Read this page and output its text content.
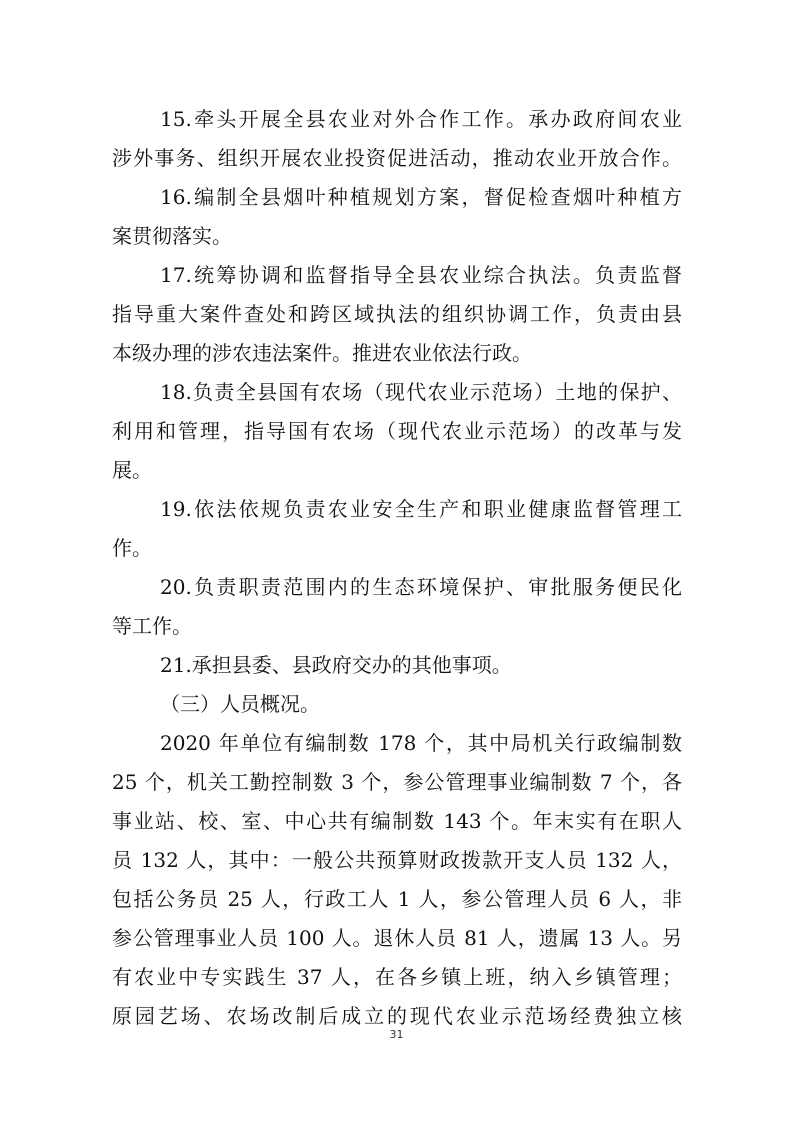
15.牵头开展全县农业对外合作工作。承办政府间农业
涉外事务、组织开展农业投资促进活动，推动农业开放合作。
16.编制全县烟叶种植规划方案，督促检查烟叶种植方
案贯彻落实。
17.统筹协调和监督指导全县农业综合执法。负责监督
指导重大案件查处和跨区域执法的组织协调工作，负责由县
本级办理的涉农违法案件。推进农业依法行政。
18.负责全县国有农场（现代农业示范场）土地的保护、
利用和管理，指导国有农场（现代农业示范场）的改革与发
展。
19.依法依规负责农业安全生产和职业健康监督管理工
作。
20.负责职责范围内的生态环境保护、审批服务便民化
等工作。
21.承担县委、县政府交办的其他事项。
（三）人员概况。
2020 年单位有编制数 178 个，其中局机关行政编制数
25 个，机关工勤控制数 3 个，参公管理事业编制数 7 个，各
事业站、校、室、中心共有编制数 143 个。年末实有在职人
员 132 人，其中：一般公共预算财政拨款开支人员 132 人，
包括公务员 25 人，行政工人 1 人，参公管理人员 6 人，非
参公管理事业人员 100 人。退休人员 81 人，遗属 13 人。另
有农业中专实践生 37 人，在各乡镇上班，纳入乡镇管理；
原园艺场、农场改制后成立的现代农业示范场经费独立核
31
